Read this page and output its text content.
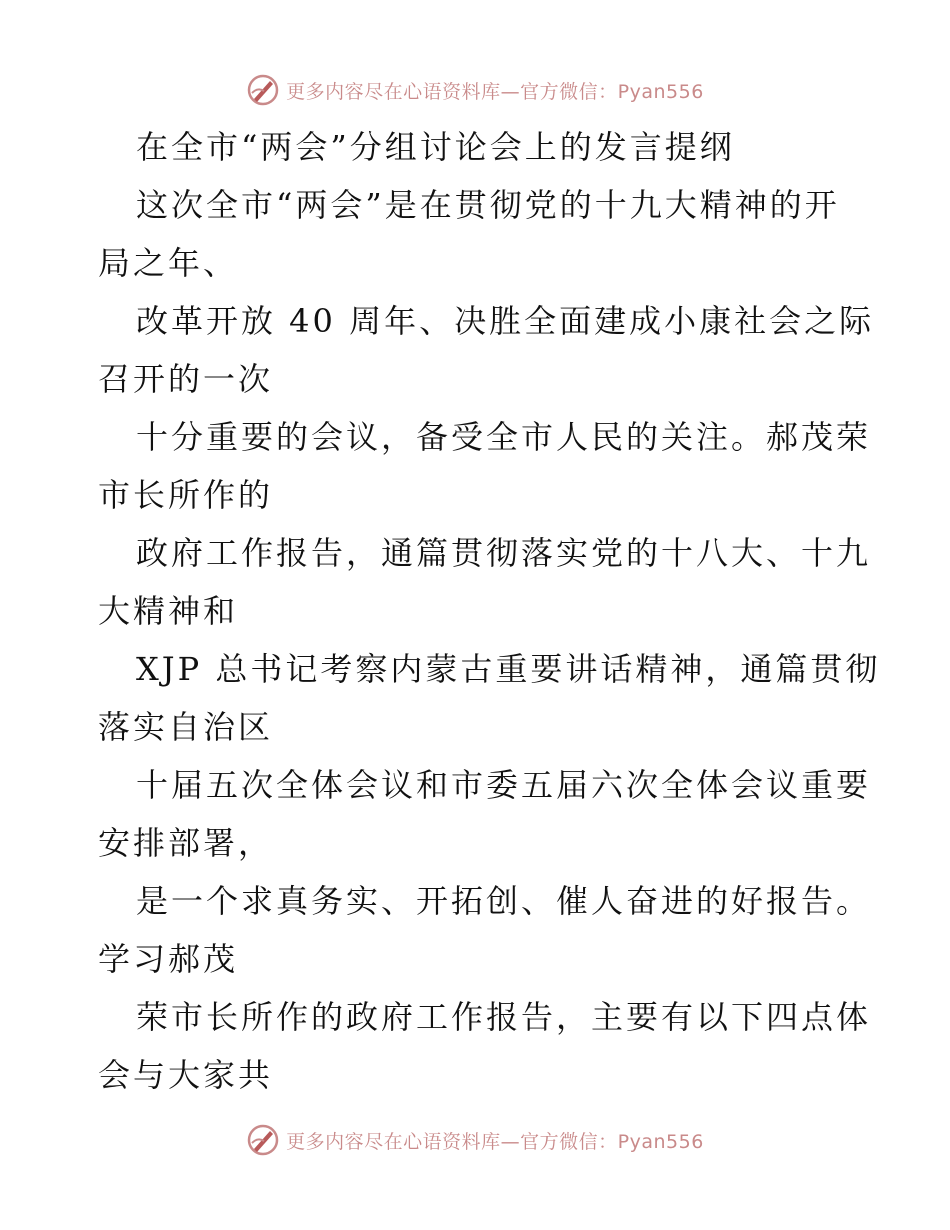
更多内容尽在心语资料库—官方微信：Pyan556
在全市“两会”分组讨论会上的发言提纲
这次全市“两会”是在贯彻党的十九大精神的开
局之年、
改革开放 40 周年、决胜全面建成小康社会之际
召开的一次
十分重要的会议，备受全市人民的关注。郝茂荣
市长所作的
政府工作报告，通篇贯彻落实党的十八大、十九
大精神和
XJP 总书记考察内蒙古重要讲话精神，通篇贯彻
落实自治区
十届五次全体会议和市委五届六次全体会议重要
安排部署，
是一个求真务实、开拓创、催人奋进的好报告。
学习郝茂
荣市长所作的政府工作报告，主要有以下四点体
会与大家共
更多内容尽在心语资料库—官方微信：Pyan556
